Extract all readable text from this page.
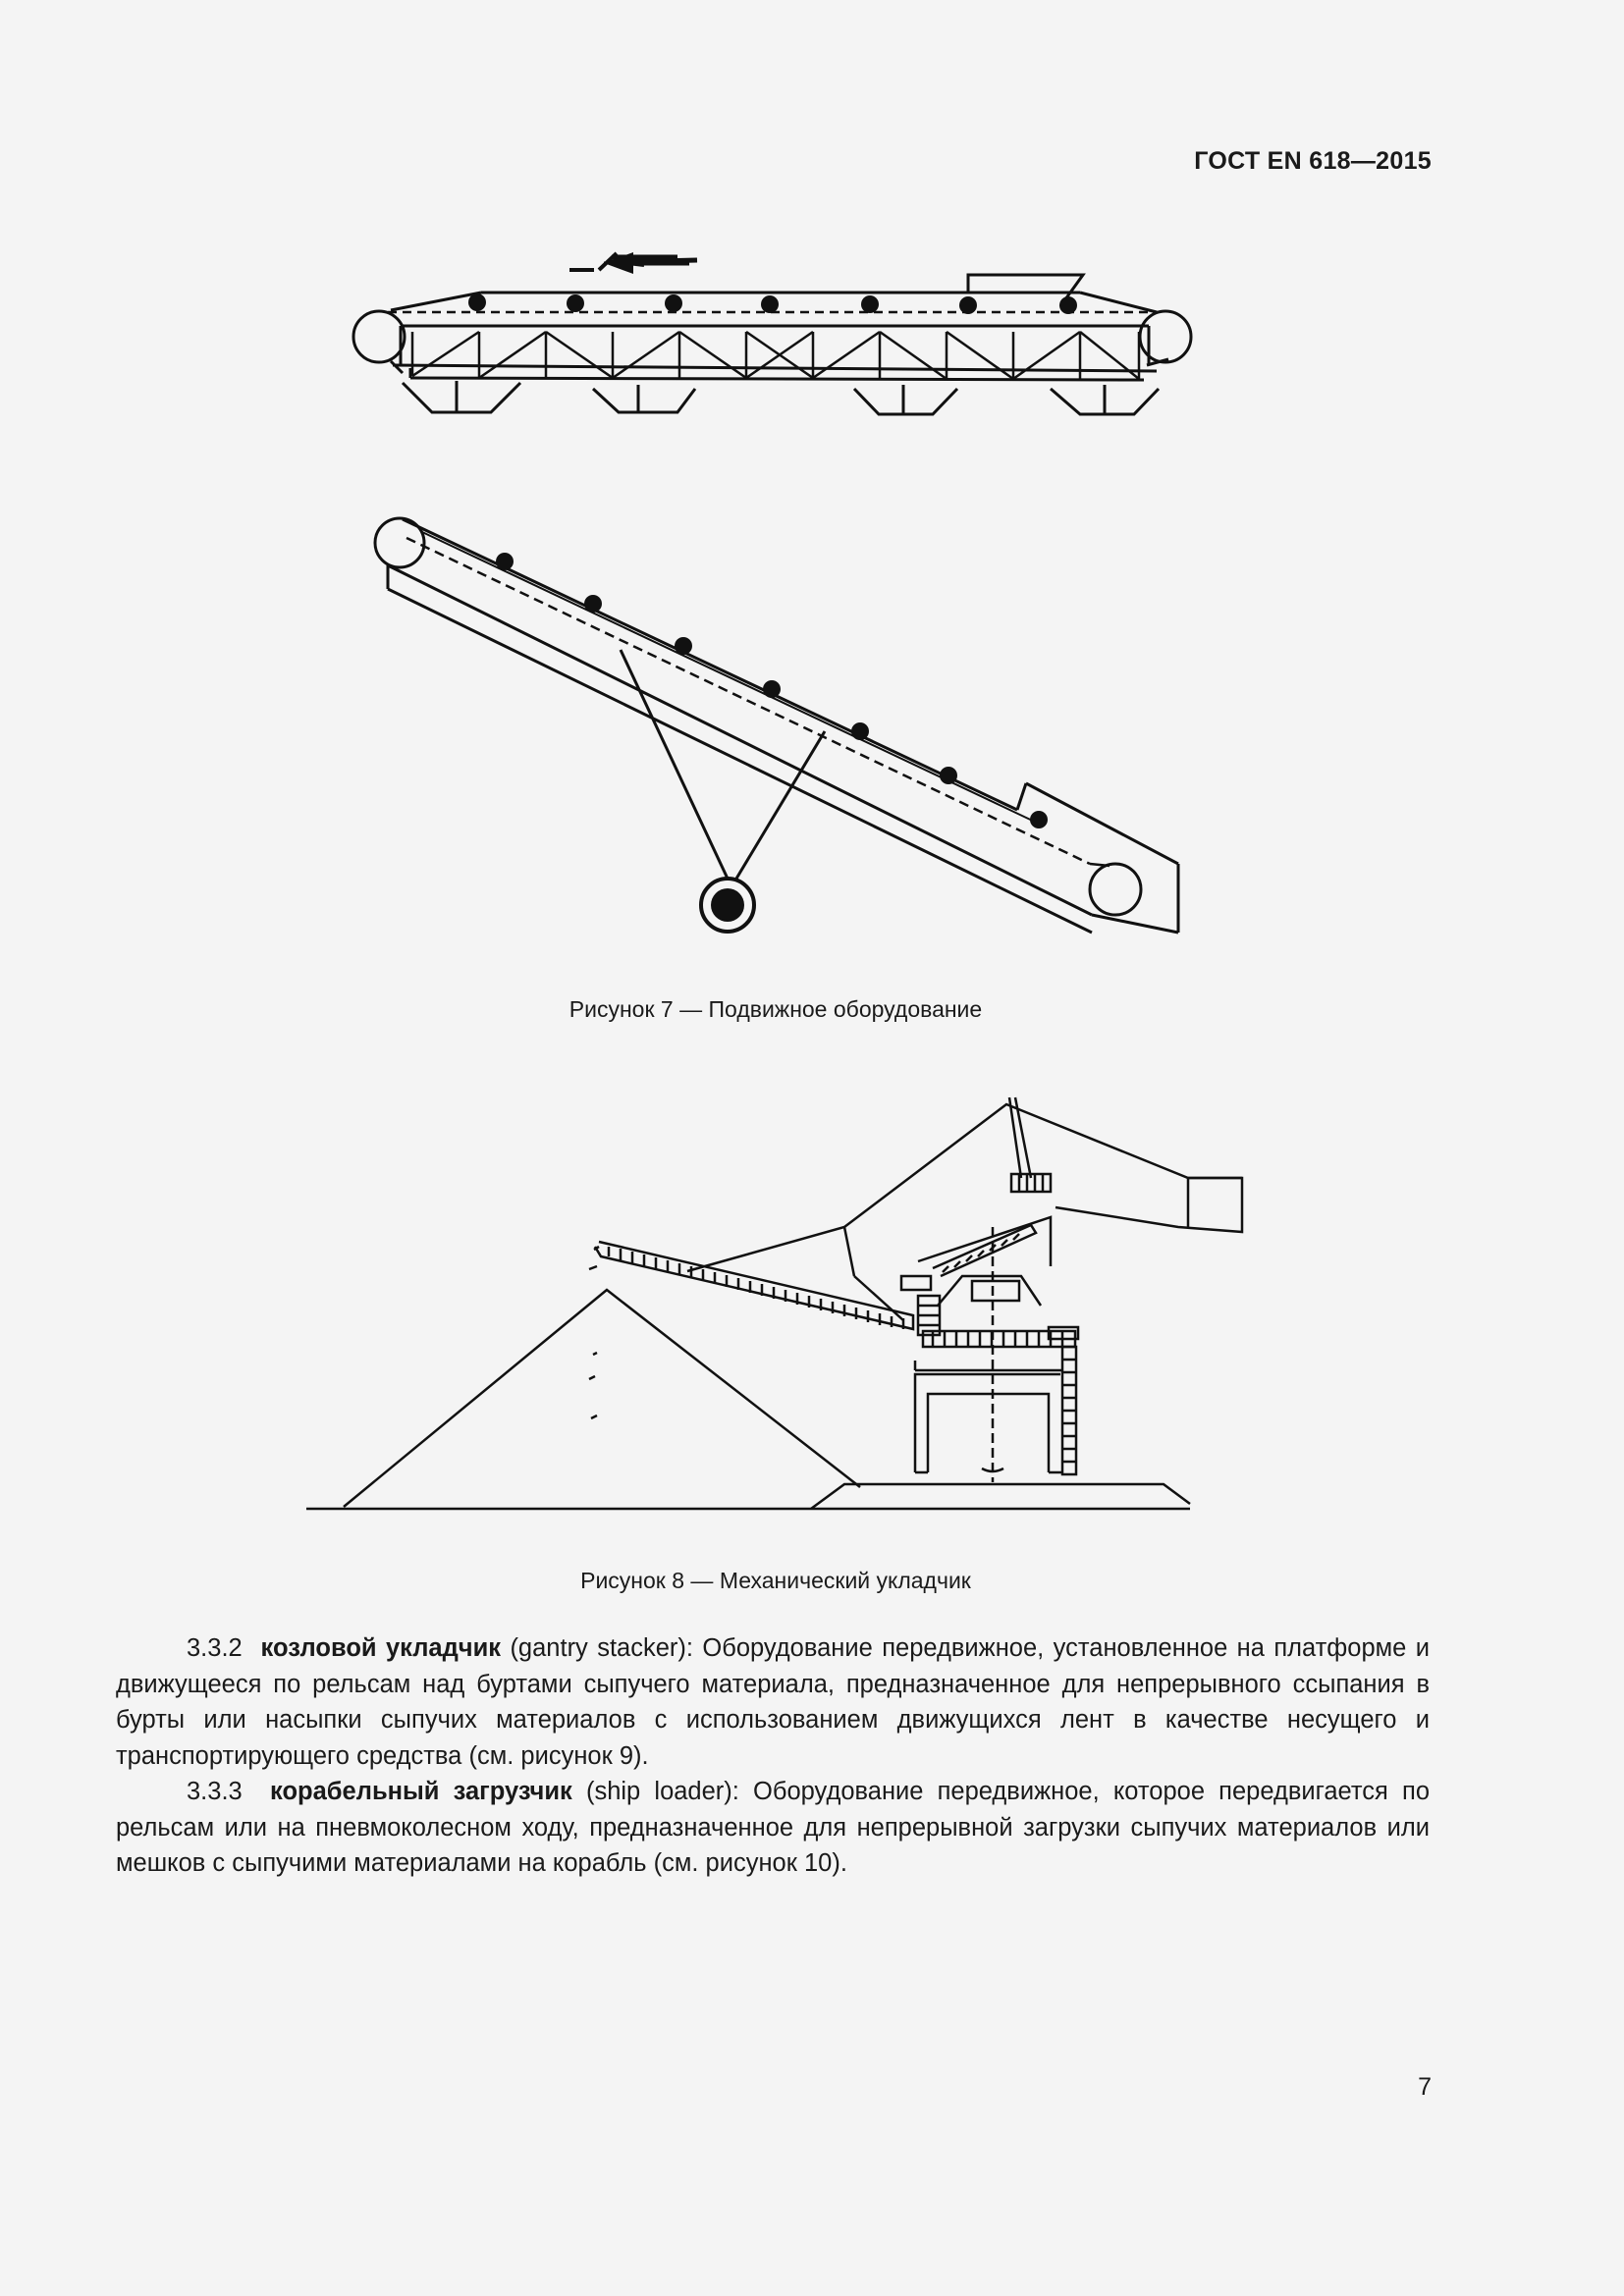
ГОСТ EN 618—2015
Рисунок 7 — Подвижное оборудование
Рисунок 8 — Механический укладчик

3.3.2 козловой укладчик (gantry stacker): Оборудование передвижное, установленное на платформе и движущееся по рельсам над буртами сыпучего материала, предназначенное для непрерывного ссыпания в бурты или насыпки сыпучих материалов с использованием движущихся лент в качестве несущего и транспортирующего средства (см. рисунок 9).

3.3.3 корабельный загрузчик (ship loader): Оборудование передвижное, которое передвигается по рельсам или на пневмоколесном ходу, предназначенное для непрерывной загрузки сыпучих материалов или мешков с сыпучими материалами на корабль (см. рисунок 10).

7
